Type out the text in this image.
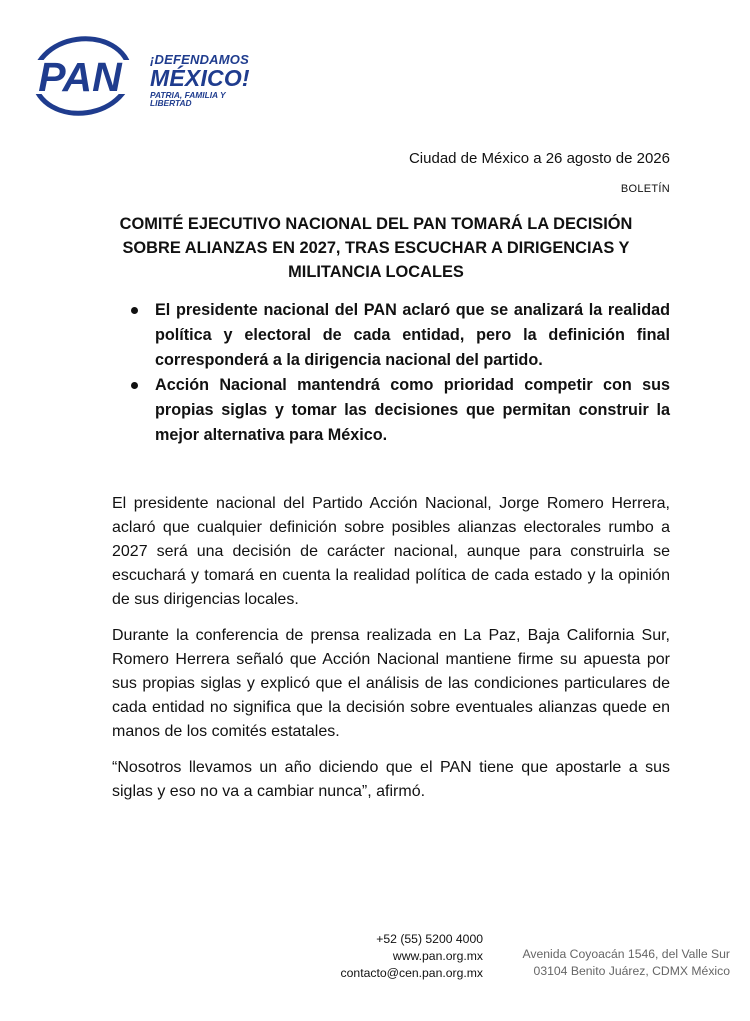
PAN ¡DEFENDAMOS
MÉXICO!
PATRIA, FAMILIA Y LIBERTAD
Ciudad de México a 26 agosto de 2026
BOLETÍN
COMITÉ EJECUTIVO NACIONAL DEL PAN TOMARÁ LA DECISIÓN SOBRE ALIANZAS EN 2027, TRAS ESCUCHAR A DIRIGENCIAS Y MILITANCIA LOCALES
El presidente nacional del PAN aclaró que se analizará la realidad política y electoral de cada entidad, pero la definición final corresponderá a la dirigencia nacional del partido.
Acción Nacional mantendrá como prioridad competir con sus propias siglas y tomar las decisiones que permitan construir la mejor alternativa para México.

El presidente nacional del Partido Acción Nacional, Jorge Romero Herrera, aclaró que cualquier definición sobre posibles alianzas electorales rumbo a 2027 será una decisión de carácter nacional, aunque para construirla se escuchará y tomará en cuenta la realidad política de cada estado y la opinión de sus dirigencias locales.

Durante la conferencia de prensa realizada en La Paz, Baja California Sur, Romero Herrera señaló que Acción Nacional mantiene firme su apuesta por sus propias siglas y explicó que el análisis de las condiciones particulares de cada entidad no significa que la decisión sobre eventuales alianzas quede en manos de los comités estatales.

“Nosotros llevamos un año diciendo que el PAN tiene que apostarle a sus siglas y eso no va a cambiar nunca”, afirmó.

+52 (55) 5200 4000
www.pan.org.mx
contacto@cen.pan.org.mx
Avenida Coyoacán 1546, del Valle Sur
03104 Benito Juárez, CDMX México
